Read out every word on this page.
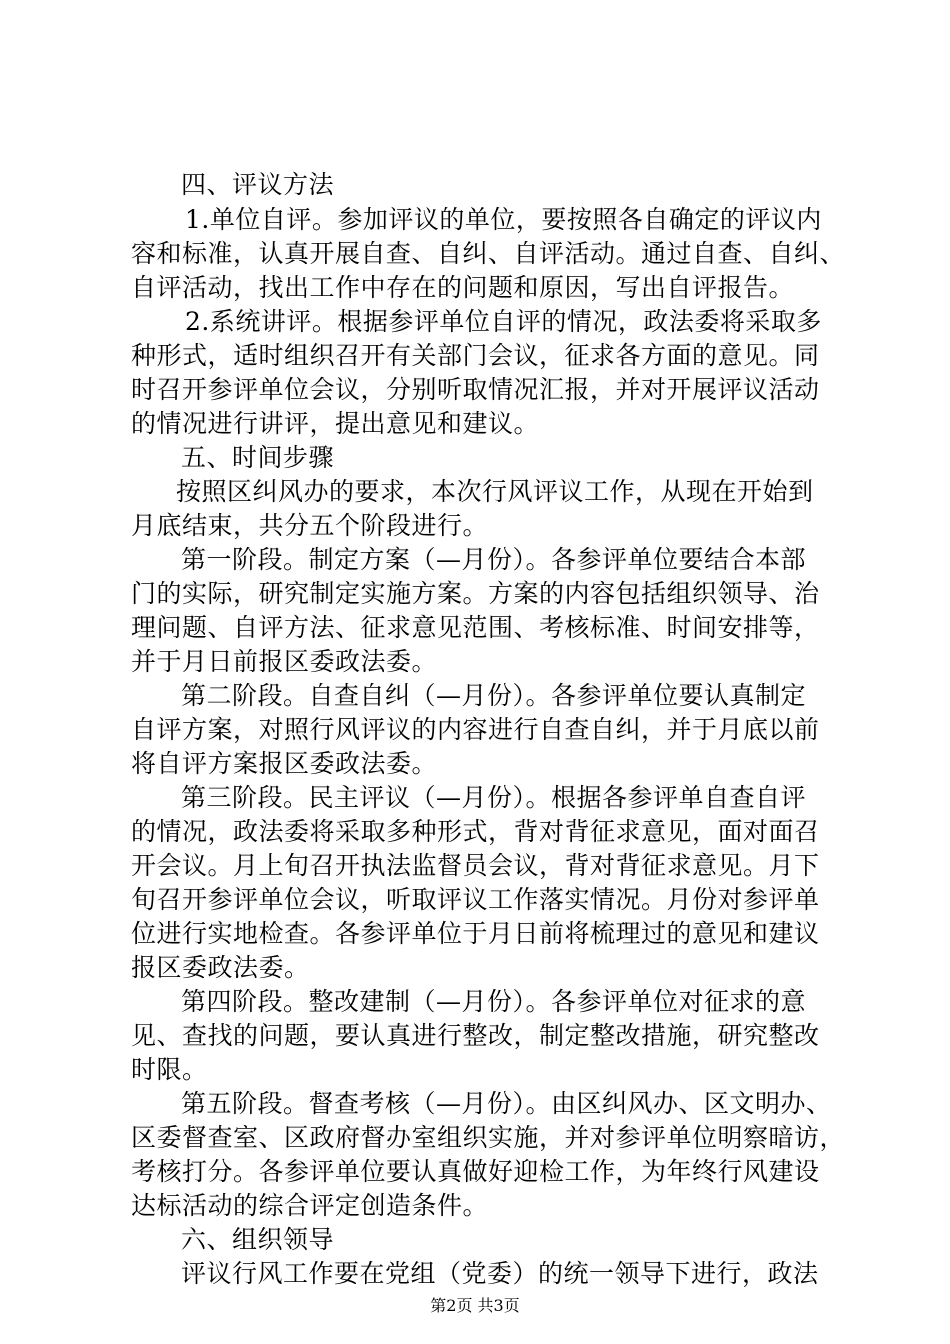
四、评议方法
1.单位自评。参加评议的单位，要按照各自确定的评议内
容和标准，认真开展自查、自纠、自评活动。通过自查、自纠、
自评活动，找出工作中存在的问题和原因，写出自评报告。
2.系统讲评。根据参评单位自评的情况，政法委将采取多
种形式，适时组织召开有关部门会议，征求各方面的意见。同
时召开参评单位会议，分别听取情况汇报，并对开展评议活动
的情况进行讲评，提出意见和建议。
五、时间步骤
按照区纠风办的要求，本次行风评议工作，从现在开始到
月底结束，共分五个阶段进行。
第一阶段。制定方案（—月份）。各参评单位要结合本部
门的实际，研究制定实施方案。方案的内容包括组织领导、治
理问题、自评方法、征求意见范围、考核标准、时间安排等，
并于月日前报区委政法委。
第二阶段。自查自纠（—月份）。各参评单位要认真制定
自评方案，对照行风评议的内容进行自查自纠，并于月底以前
将自评方案报区委政法委。
第三阶段。民主评议（—月份）。根据各参评单自查自评
的情况，政法委将采取多种形式，背对背征求意见，面对面召
开会议。月上旬召开执法监督员会议，背对背征求意见。月下
旬召开参评单位会议，听取评议工作落实情况。月份对参评单
位进行实地检查。各参评单位于月日前将梳理过的意见和建议
报区委政法委。
第四阶段。整改建制（—月份）。各参评单位对征求的意
见、查找的问题，要认真进行整改，制定整改措施，研究整改
时限。
第五阶段。督查考核（—月份）。由区纠风办、区文明办、
区委督查室、区政府督办室组织实施，并对参评单位明察暗访，
考核打分。各参评单位要认真做好迎检工作，为年终行风建设
达标活动的综合评定创造条件。
六、组织领导
评议行风工作要在党组（党委）的统一领导下进行，政法
第2页 共3页
